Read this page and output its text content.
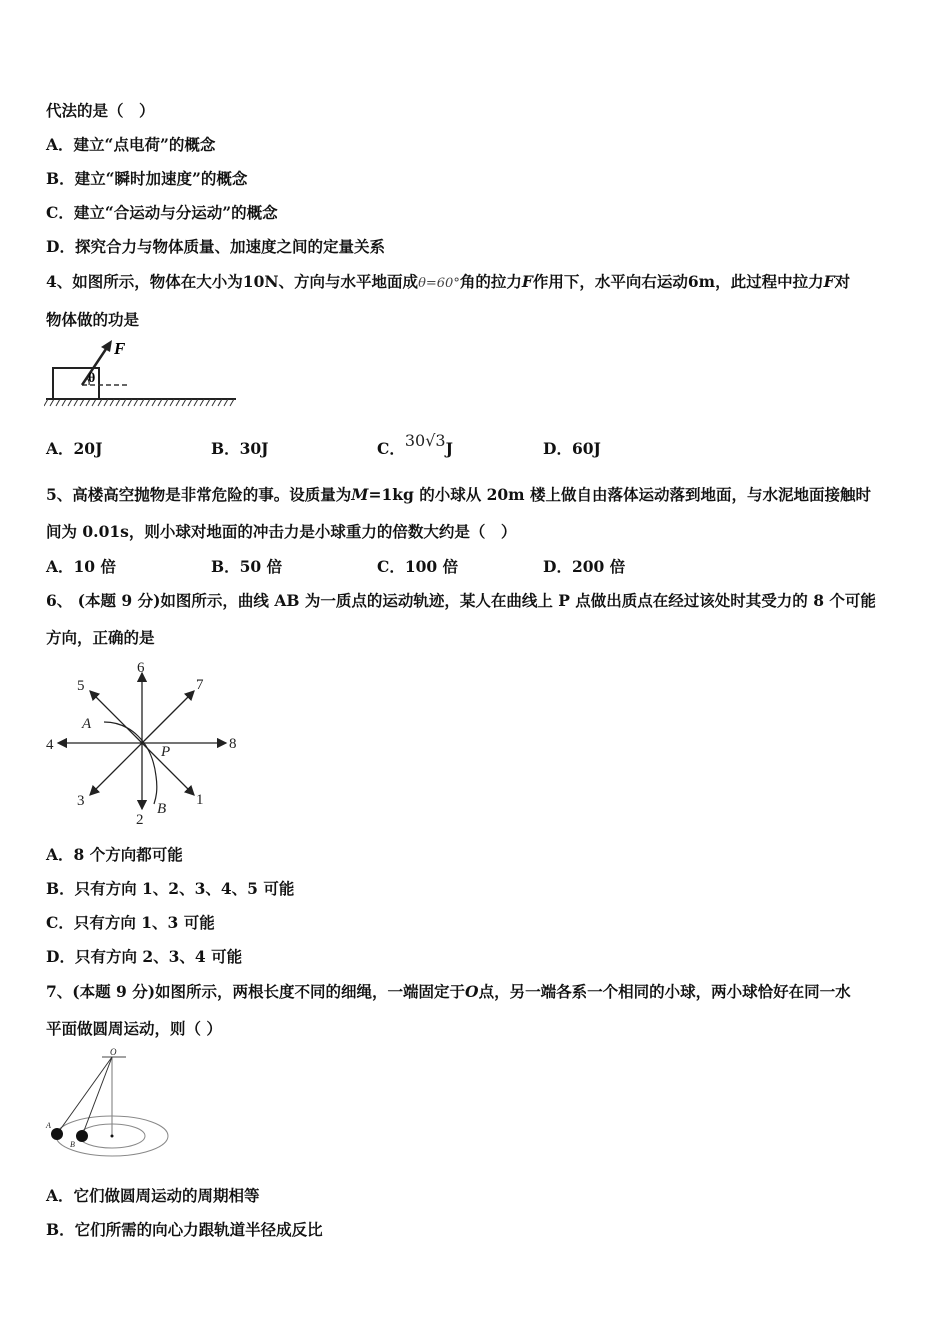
代法的是（　）
A．建立“点电荷”的概念
B．建立“瞬时加速度”的概念
C．建立“合运动与分运动”的概念
D．探究合力与物体质量、加速度之间的定量关系
4、如图所示，物体在大小为10N、方向与水平地面成θ=60°角的拉力F作用下，水平向右运动6m，此过程中拉力F对
物体做的功是
F
θ
A．20J	B．30J	C．30√3J	D．60J
5、高楼高空抛物是非常危险的事。设质量为M=1kg 的小球从 20m 楼上做自由落体运动落到地面，与水泥地面接触时
间为 0.01s，则小球对地面的冲击力是小球重力的倍数大约是（　）
A．10 倍	B．50 倍	C．100 倍	D．200 倍
6、 (本题 9 分)如图所示，曲线 AB 为一质点的运动轨迹，某人在曲线上 P 点做出质点在经过该处时其受力的 8 个可能
方向，正确的是
1
2
3
4
5
6
7
8
A
B
P
A．8 个方向都可能
B．只有方向 1、2、3、4、5 可能
C．只有方向 1、3 可能
D．只有方向 2、3、4 可能
7、(本题 9 分)如图所示，两根长度不同的细绳，一端固定于O点，另一端各系一个相同的小球，两小球恰好在同一水
平面做圆周运动，则（ ）
O
A
B
A．它们做圆周运动的周期相等
B．它们所需的向心力跟轨道半径成反比
